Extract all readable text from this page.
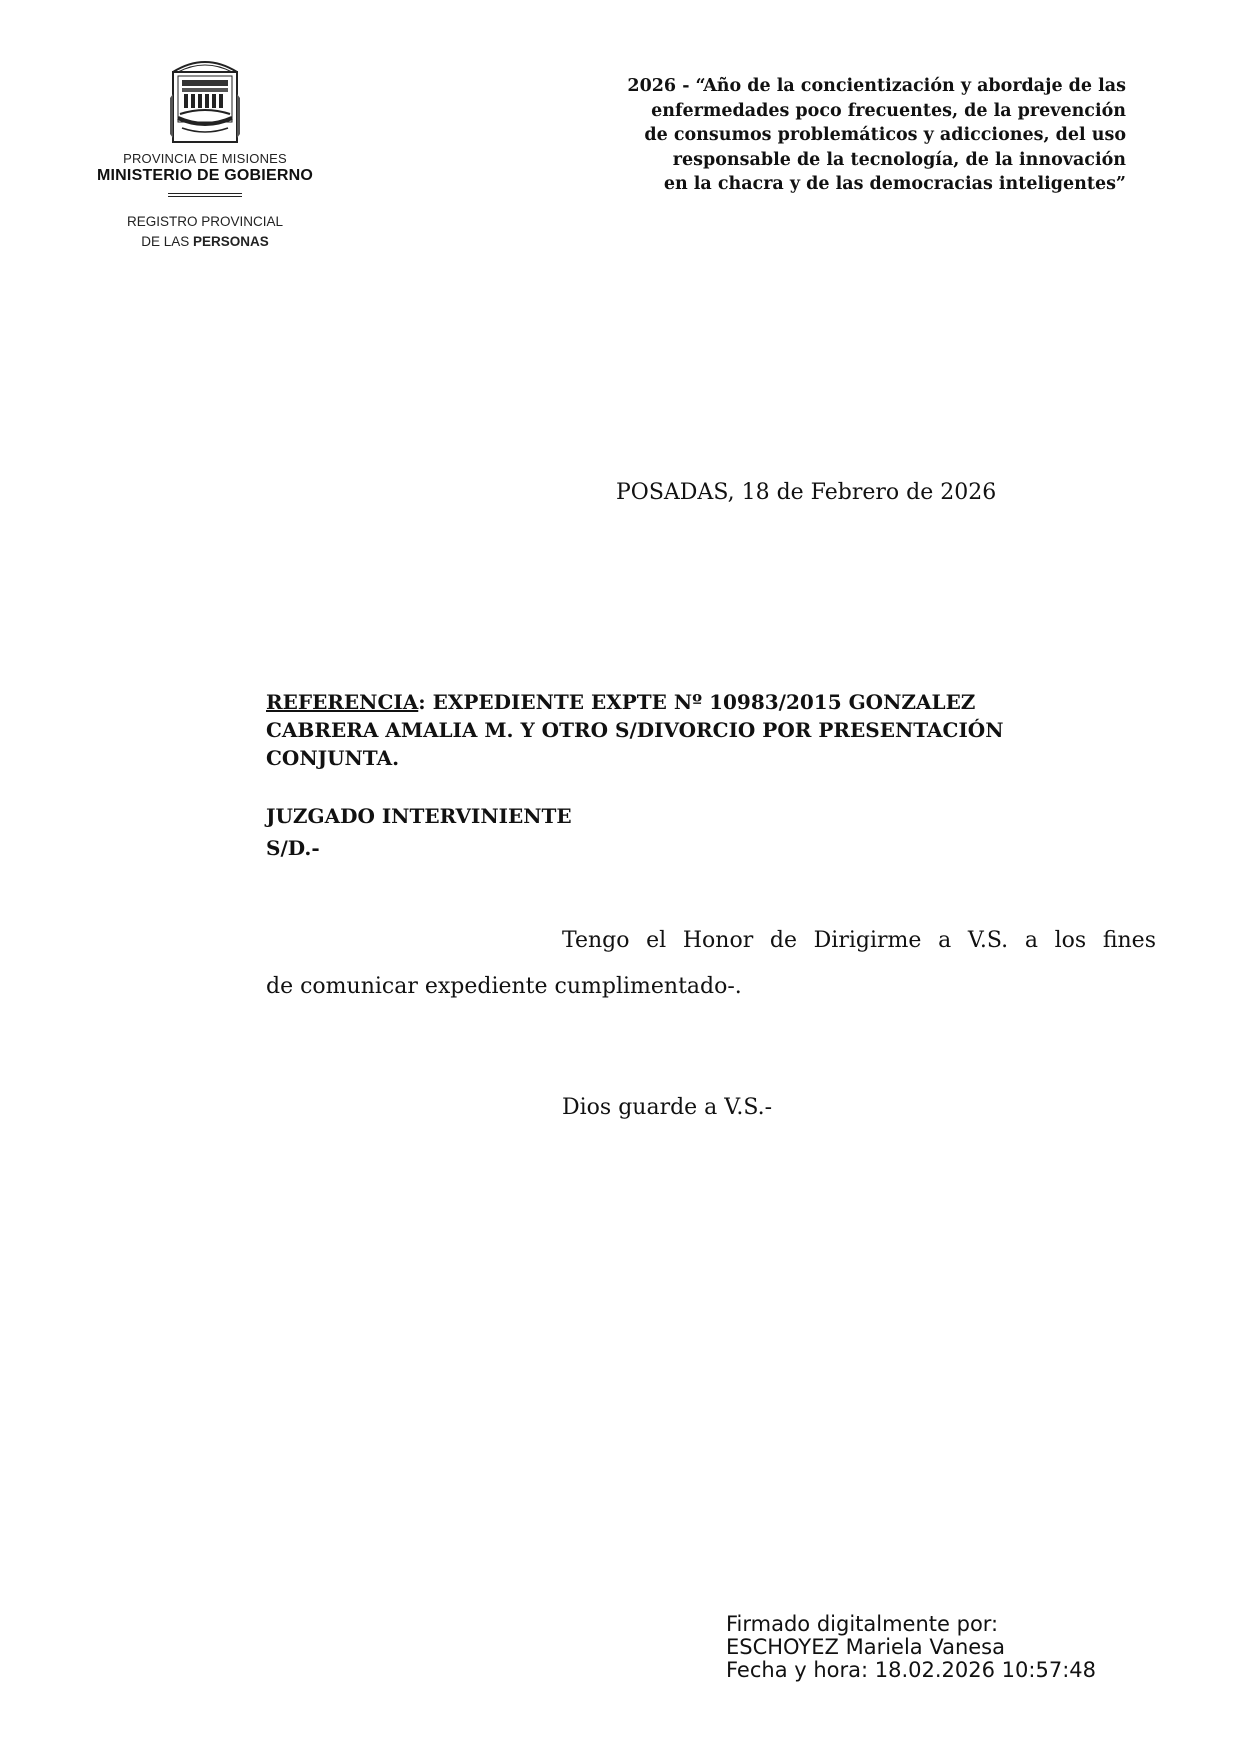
PROVINCIA DE MISIONES
MINISTERIO DE GOBIERNO
REGISTRO PROVINCIAL
DE LAS PERSONAS
2026 - “Año de la concientización y abordaje de las
enfermedades poco frecuentes, de la prevención
de consumos problemáticos y adicciones, del uso
responsable de la tecnología, de la innovación
en la chacra y de las democracias inteligentes”
POSADAS, 18 de Febrero de 2026
REFERENCIA: EXPEDIENTE EXPTE Nº 10983/2015 GONZALEZ
CABRERA AMALIA M. Y OTRO S/DIVORCIO POR PRESENTACIÓN
CONJUNTA.
JUZGADO INTERVINIENTE
S/D.-
Tengo el Honor de Dirigirme a V.S. a los fines
de comunicar expediente cumplimentado-.
Dios guarde a V.S.-
Firmado digitalmente por:
ESCHOYEZ Mariela Vanesa
Fecha y hora: 18.02.2026 10:57:48
